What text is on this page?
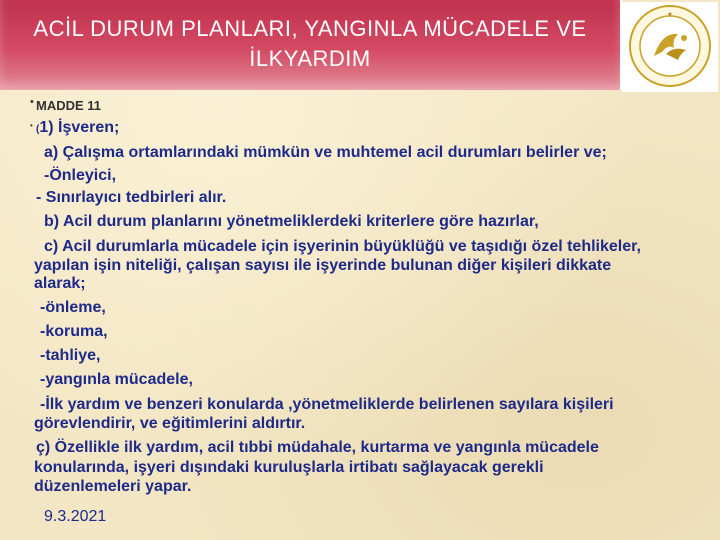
ACİL DURUM PLANLARI, YANGINLA MÜCADELE VE
İLKYARDIM
★
•
•
MADDE 11
(1) İşveren;
a) Çalışma ortamlarındaki mümkün ve muhtemel acil durumları belirler ve;
-Önleyici,
- Sınırlayıcı tedbirleri alır.
b) Acil durum planlarını yönetmeliklerdeki kriterlere göre hazırlar,
c) Acil durumlarla mücadele için işyerinin büyüklüğü ve taşıdığı özel tehlikeler,
yapılan işin niteliği, çalışan sayısı ile işyerinde bulunan diğer kişileri dikkate
alarak;
-önleme,
-koruma,
-tahliye,
-yangınla mücadele,
-İlk yardım ve benzeri konularda ,yönetmeliklerde belirlenen sayılara kişileri
görevlendirir, ve eğitimlerini aldırtır.
ç) Özellikle ilk yardım, acil tıbbi müdahale, kurtarma ve yangınla mücadele
konularında, işyeri dışındaki kuruluşlarla irtibatı sağlayacak gerekli
düzenlemeleri yapar.
9.3.2021
